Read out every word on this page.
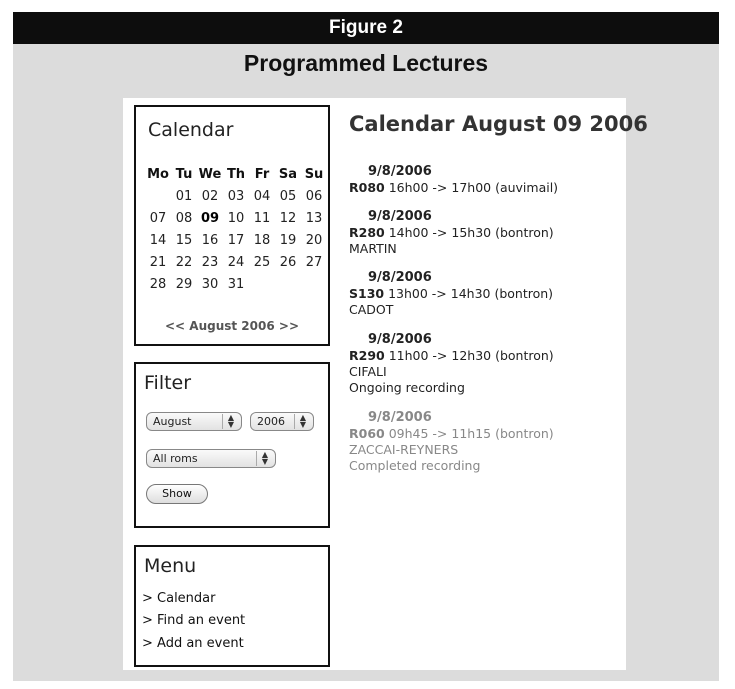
Figure 2
Programmed Lectures
Calendar
Mo	Tu	We	Th	Fr	Sa	Su
	01	02	03	04	05	06
07	08	09	10	11	12	13
14	15	16	17	18	19	20
21	22	23	24	25	26	27
28	29	30	31			
<< August 2006 >>
Filter
August	▲
▼	2006	▲
▼
All roms	▲
▼
Show
Menu
> Calendar
> Find an event
> Add an event
Calendar August 09 2006
9/8/2006
R080 16h00 -> 17h00 (auvimail)
9/8/2006
R280 14h00 -> 15h30 (bontron)
MARTIN
9/8/2006
S130 13h00 -> 14h30 (bontron)
CADOT
9/8/2006
R290 11h00 -> 12h30 (bontron)
CIFALI
Ongoing recording
9/8/2006
R060 09h45 -> 11h15 (bontron)
ZACCAI-REYNERS
Completed recording
